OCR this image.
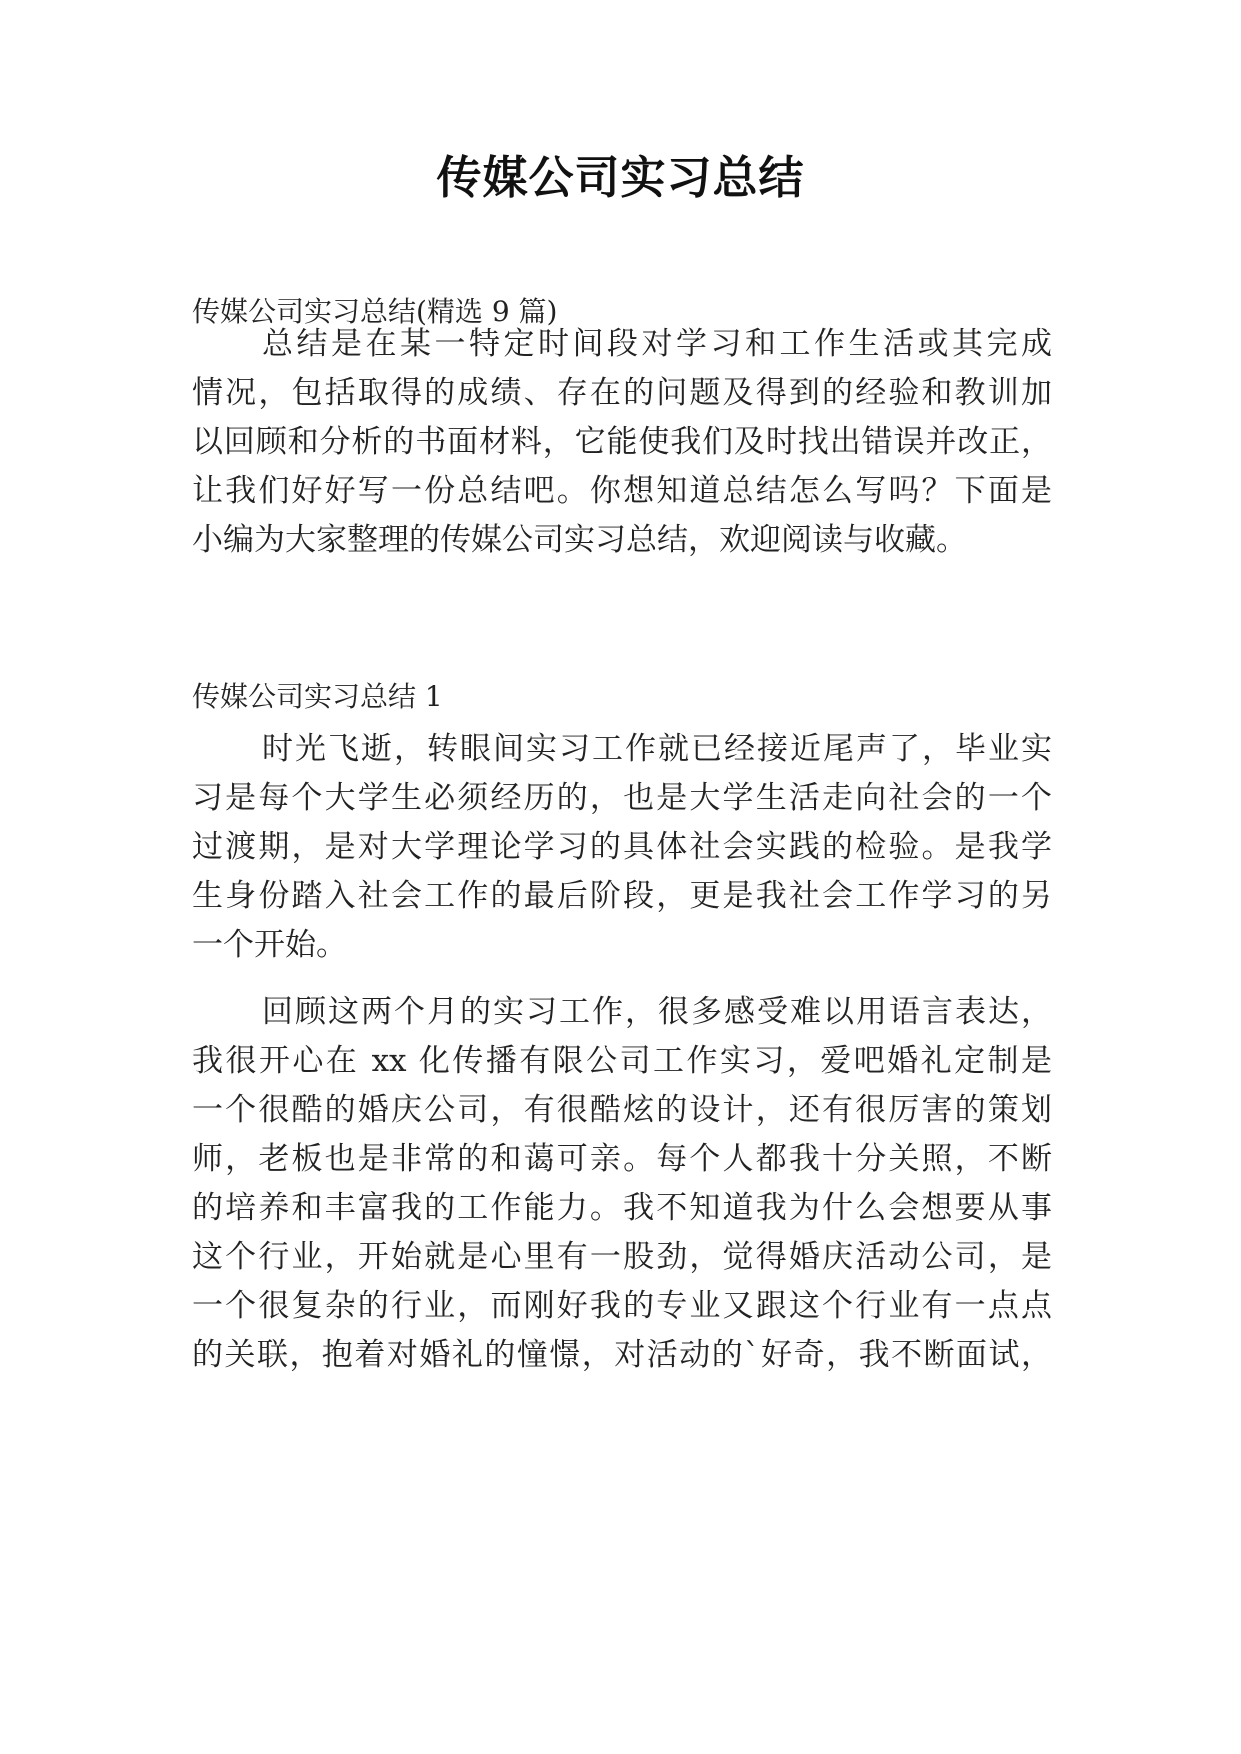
传媒公司实习总结

传媒公司实习总结(精选 9 篇)

总结是在某一特定时间段对学习和工作生活或其完成

情况，包括取得的成绩、存在的问题及得到的经验和教训加

以回顾和分析的书面材料，它能使我们及时找出错误并改正，

让我们好好写一份总结吧。你想知道总结怎么写吗？下面是

小编为大家整理的传媒公司实习总结，欢迎阅读与收藏。

传媒公司实习总结 1

时光飞逝，转眼间实习工作就已经接近尾声了，毕业实

习是每个大学生必须经历的，也是大学生活走向社会的一个

过渡期，是对大学理论学习的具体社会实践的检验。是我学

生身份踏入社会工作的最后阶段，更是我社会工作学习的另

一个开始。

回顾这两个月的实习工作，很多感受难以用语言表达，

我很开心在 xx 化传播有限公司工作实习，爱吧婚礼定制是

一个很酷的婚庆公司，有很酷炫的设计，还有很厉害的策划

师，老板也是非常的和蔼可亲。每个人都我十分关照，不断

的培养和丰富我的工作能力。我不知道我为什么会想要从事

这个行业，开始就是心里有一股劲，觉得婚庆活动公司，是

一个很复杂的行业，而刚好我的专业又跟这个行业有一点点

的关联，抱着对婚礼的憧憬，对活动的`好奇，我不断面试，
